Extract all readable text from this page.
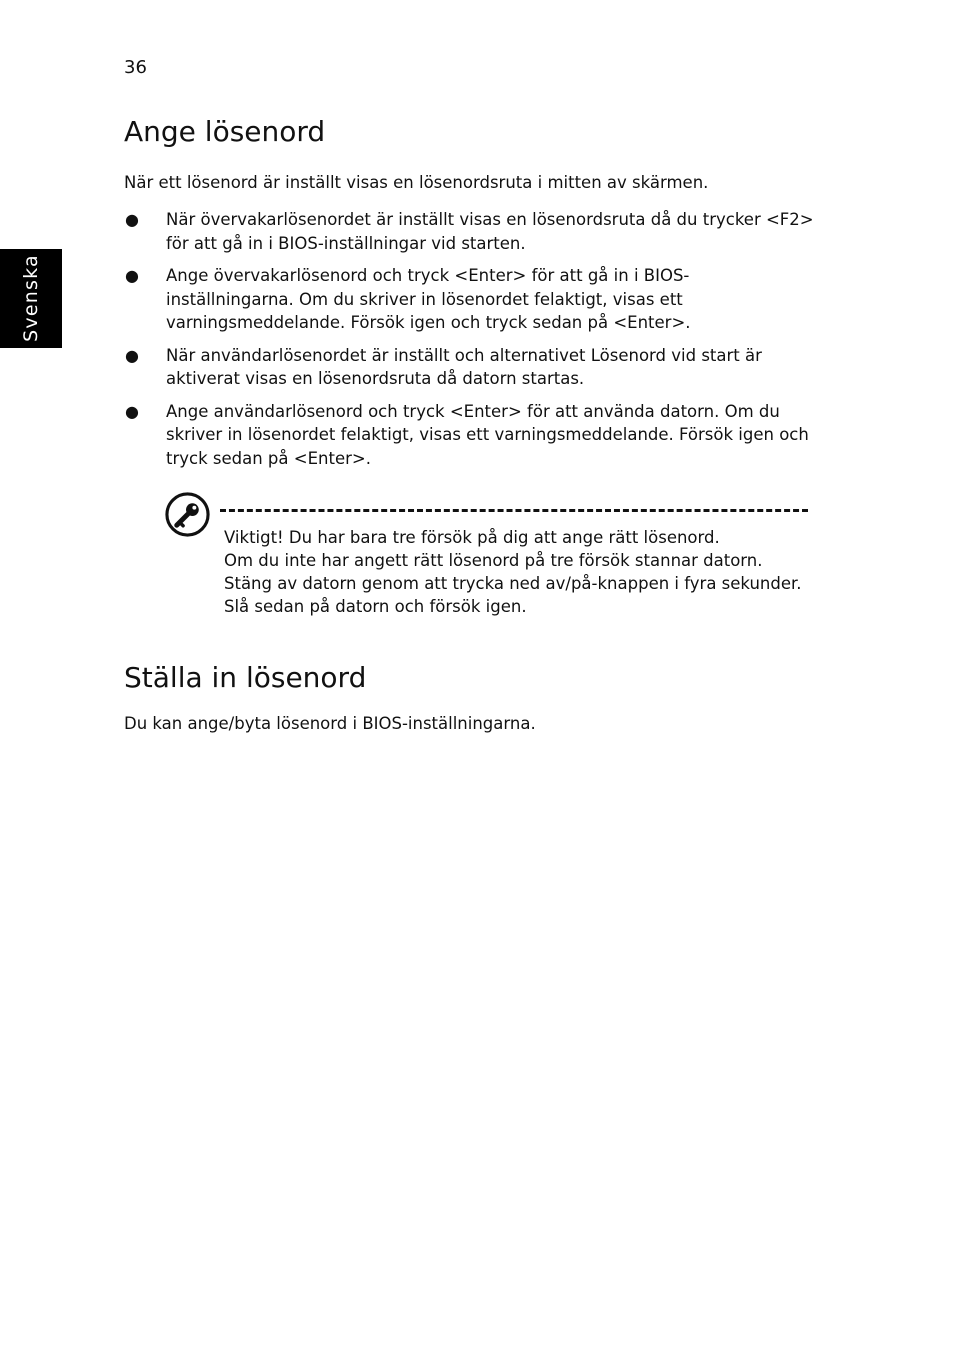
36
Svenska
Ange lösenord

När ett lösenord är inställt visas en lösenordsruta i mitten av skärmen.

● När övervakarlösenordet är inställt visas en lösenordsruta då du trycker <F2> för att gå in i BIOS-inställningar vid starten.
● Ange övervakarlösenord och tryck <Enter> för att gå in i BIOS-inställningarna. Om du skriver in lösenordet felaktigt, visas ett varningsmeddelande. Försök igen och tryck sedan på <Enter>.
● När användarlösenordet är inställt och alternativet Lösenord vid start är aktiverat visas en lösenordsruta då datorn startas.
● Ange användarlösenord och tryck <Enter> för att använda datorn. Om du skriver in lösenordet felaktigt, visas ett varningsmeddelande. Försök igen och tryck sedan på <Enter>.
Viktigt! Du har bara tre försök på dig att ange rätt lösenord.
Om du inte har angett rätt lösenord på tre försök stannar datorn. Stäng av datorn genom att trycka ned av/på-knappen i fyra sekunder. Slå sedan på datorn och försök igen.
Ställa in lösenord

Du kan ange/byta lösenord i BIOS-inställningarna.
